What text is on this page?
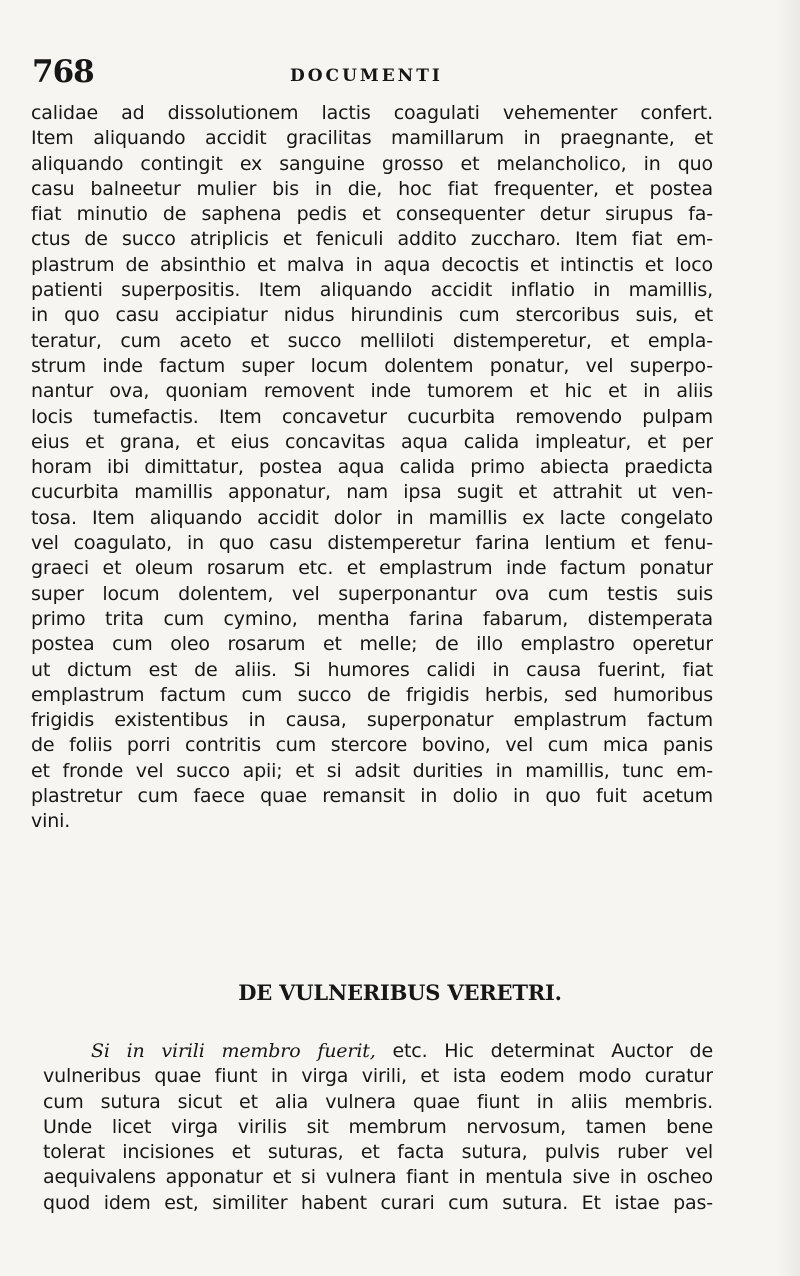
768	DOCUMENTI
calidae ad dissolutionem lactis coagulati vehementer confert.
Item aliquando accidit gracilitas mamillarum in praegnante, et
aliquando contingit ex sanguine grosso et melancholico, in quo
casu balneetur mulier bis in die, hoc fiat frequenter, et postea
fiat minutio de saphena pedis et consequenter detur sirupus fa-
ctus de succo atriplicis et feniculi addito zuccharo. Item fiat em-
plastrum de absinthio et malva in aqua decoctis et intinctis et loco
patienti superpositis. Item aliquando accidit inflatio in mamillis,
in quo casu accipiatur nidus hirundinis cum stercoribus suis, et
teratur, cum aceto et succo melliloti distemperetur, et empla-
strum inde factum super locum dolentem ponatur, vel superpo-
nantur ova, quoniam removent inde tumorem et hic et in aliis
locis tumefactis. Item concavetur cucurbita removendo pulpam
eius et grana, et eius concavitas aqua calida impleatur, et per
horam ibi dimittatur, postea aqua calida primo abiecta praedicta
cucurbita mamillis apponatur, nam ipsa sugit et attrahit ut ven-
tosa. Item aliquando accidit dolor in mamillis ex lacte congelato
vel coagulato, in quo casu distemperetur farina lentium et fenu-
graeci et oleum rosarum etc. et emplastrum inde factum ponatur
super locum dolentem, vel superponantur ova cum testis suis
primo trita cum cymino, mentha farina fabarum, distemperata
postea cum oleo rosarum et melle; de illo emplastro operetur
ut dictum est de aliis. Si humores calidi in causa fuerint, fiat
emplastrum factum cum succo de frigidis herbis, sed humoribus
frigidis existentibus in causa, superponatur emplastrum factum
de foliis porri contritis cum stercore bovino, vel cum mica panis
et fronde vel succo apii; et si adsit durities in mamillis, tunc em-
plastretur cum faece quae remansit in dolio in quo fuit acetum
vini.
DE VULNERIBUS VERETRI.
Si in virili membro fuerit, etc. Hic determinat Auctor de
vulneribus quae fiunt in virga virili, et ista eodem modo curatur
cum sutura sicut et alia vulnera quae fiunt in aliis membris.
Unde licet virga virilis sit membrum nervosum, tamen bene
tolerat incisiones et suturas, et facta sutura, pulvis ruber vel
aequivalens apponatur et si vulnera fiant in mentula sive in oscheo
quod idem est, similiter habent curari cum sutura. Et istae pas-
